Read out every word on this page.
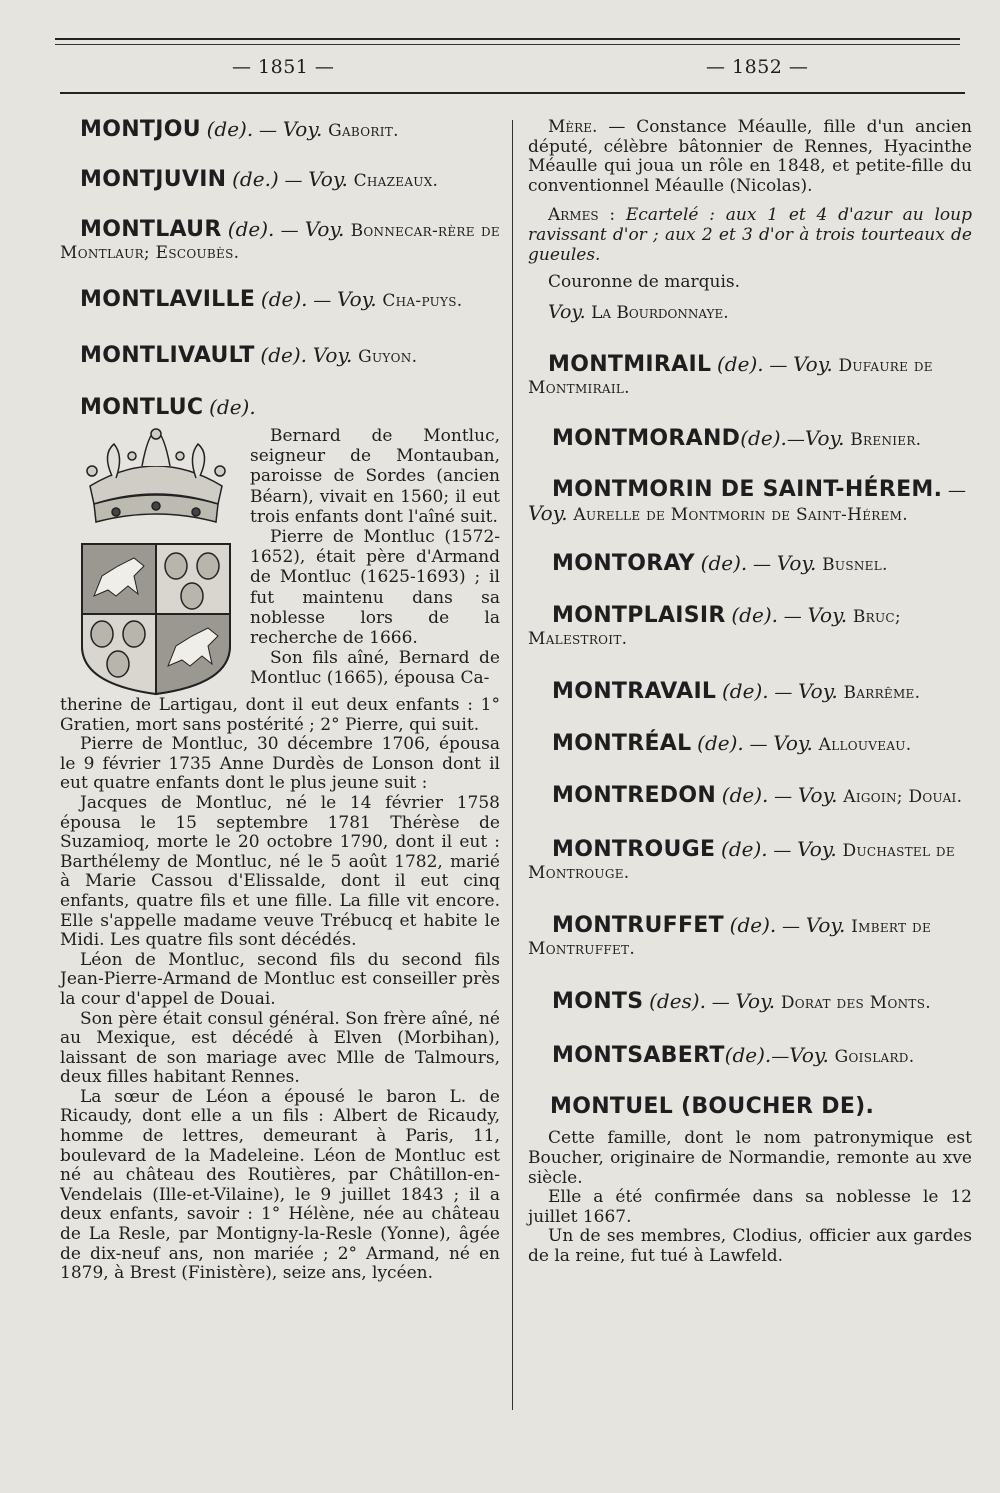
— 1851 —	— 1852 —

MONTJOU (de). — Voy. Gaborit.

MONTJUVIN (de.) — Voy. Chazeaux.

MONTLAUR (de). — Voy. Bonnecar-rère de Montlaur; Escoubès.

MONTLAVILLE (de). — Voy. Cha-puys.

MONTLIVAULT (de). Voy. Guyon.

MONTLUC (de).

Bernard de Montluc, seigneur de Montauban, paroisse de Sordes (ancien Béarn), vivait en 1560; il eut trois enfants dont l'aîné suit.

Pierre de Montluc (1572-1652), était père d'Armand de Montluc (1625-1693) ; il fut maintenu dans sa noblesse lors de la recherche de 1666.

Son fils aîné, Bernard de Montluc (1665), épousa Ca-

therine de Lartigau, dont il eut deux enfants : 1° Gratien, mort sans postérité ; 2° Pierre, qui suit.

Pierre de Montluc, 30 décembre 1706, épousa le 9 février 1735 Anne Durdès de Lonson dont il eut quatre enfants dont le plus jeune suit :

Jacques de Montluc, né le 14 février 1758 épousa le 15 septembre 1781 Thérèse de Suzamioq, morte le 20 octobre 1790, dont il eut : Barthélemy de Montluc, né le 5 août 1782, marié à Marie Cassou d'Elissalde, dont il eut cinq enfants, quatre fils et une fille. La fille vit encore. Elle s'appelle madame veuve Trébucq et habite le Midi. Les quatre fils sont décédés.

Léon de Montluc, second fils du second fils Jean-Pierre-Armand de Montluc est conseiller près la cour d'appel de Douai.

Son père était consul général. Son frère aîné, né au Mexique, est décédé à Elven (Morbihan), laissant de son mariage avec Mlle de Talmours, deux filles habitant Rennes.

La sœur de Léon a épousé le baron L. de Ricaudy, dont elle a un fils : Albert de Ricaudy, homme de lettres, demeurant à Paris, 11, boulevard de la Madeleine. Léon de Montluc est né au château des Routières, par Châtillon-en-Vendelais (Ille-et-Vilaine), le 9 juillet 1843 ; il a deux enfants, savoir : 1° Hélène, née au château de La Resle, par Montigny-la-Resle (Yonne), âgée de dix-neuf ans, non mariée ; 2° Armand, né en 1879, à Brest (Finistère), seize ans, lycéen.

Mère. — Constance Méaulle, fille d'un ancien député, célèbre bâtonnier de Rennes, Hyacinthe Méaulle qui joua un rôle en 1848, et petite-fille du conventionnel Méaulle (Nicolas).

Armes : Ecartelé : aux 1 et 4 d'azur au loup ravissant d'or ; aux 2 et 3 d'or à trois tourteaux de gueules.

Couronne de marquis.

Voy. La Bourdonnaye.

MONTMIRAIL (de). — Voy. Dufaure de Montmirail.

MONTMORAND(de).—Voy. Brenier.

MONTMORIN DE SAINT-HÉREM. — Voy. Aurelle de Montmorin de Saint-Hérem.

MONTORAY (de). — Voy. Busnel.

MONTPLAISIR (de). — Voy. Bruc; Malestroit.

MONTRAVAIL (de). — Voy. Barrême.

MONTRÉAL (de). — Voy. Allouveau.

MONTREDON (de). — Voy. Aigoin; Douai.

MONTROUGE (de). — Voy. Duchastel de Montrouge.

MONTRUFFET (de). — Voy. Imbert de Montruffet.

MONTS (des). — Voy. Dorat des Monts.

MONTSABERT(de).—Voy. Goislard.

MONTUEL (BOUCHER DE).

Cette famille, dont le nom patronymique est Boucher, originaire de Normandie, remonte au xve siècle.

Elle a été confirmée dans sa noblesse le 12 juillet 1667.

Un de ses membres, Clodius, officier aux gardes de la reine, fut tué à Lawfeld.
